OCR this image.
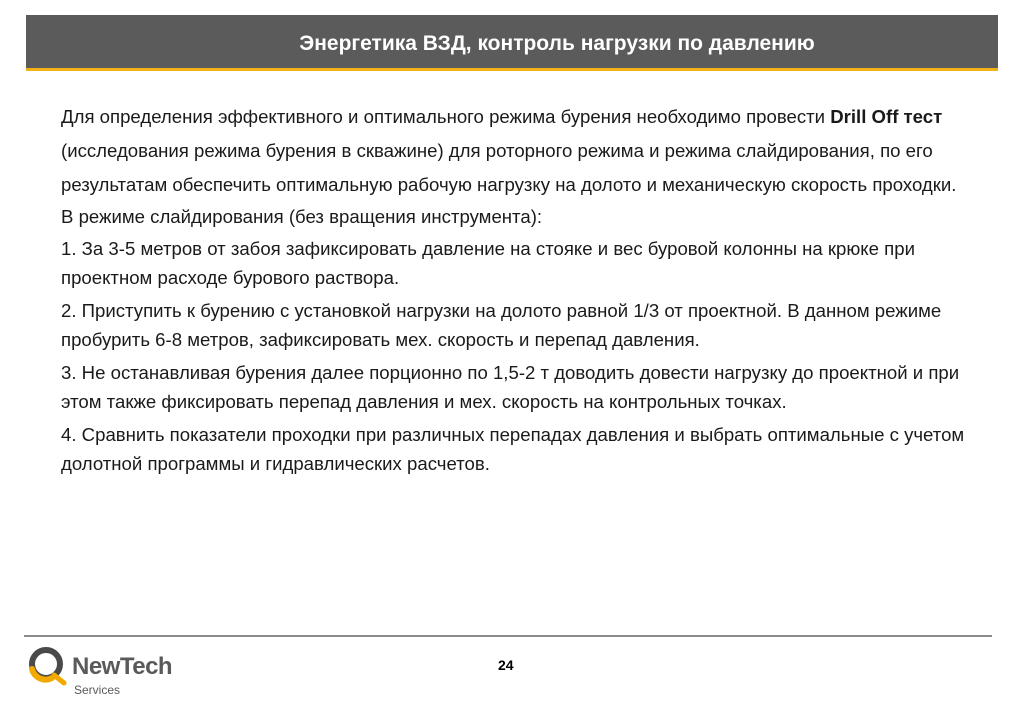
Энергетика ВЗД, контроль нагрузки по давлению

Для определения эффективного и оптимального режима бурения необходимо провести Drill Off тест (исследования режима бурения в скважине) для роторного режима и режима слайдирования, по его результатам обеспечить оптимальную рабочую нагрузку на долото и механическую скорость проходки.

В режиме слайдирования (без вращения инструмента):

1. За 3-5 метров от забоя зафиксировать давление на стояке и вес буровой колонны на крюке при проектном расходе бурового раствора.

2. Приступить к бурению с установкой нагрузки на долото равной 1/3 от проектной. В данном режиме пробурить 6-8 метров, зафиксировать мех. скорость и перепад давления.

3. Не останавливая бурения далее порционно по 1,5-2 т доводить довести нагрузку до проектной и при этом также фиксировать перепад давления и мех. скорость на контрольных точках.

4. Сравнить показатели проходки при различных перепадах давления и выбрать оптимальные с учетом долотной программы и гидравлических расчетов.

24
NewTech
Services
